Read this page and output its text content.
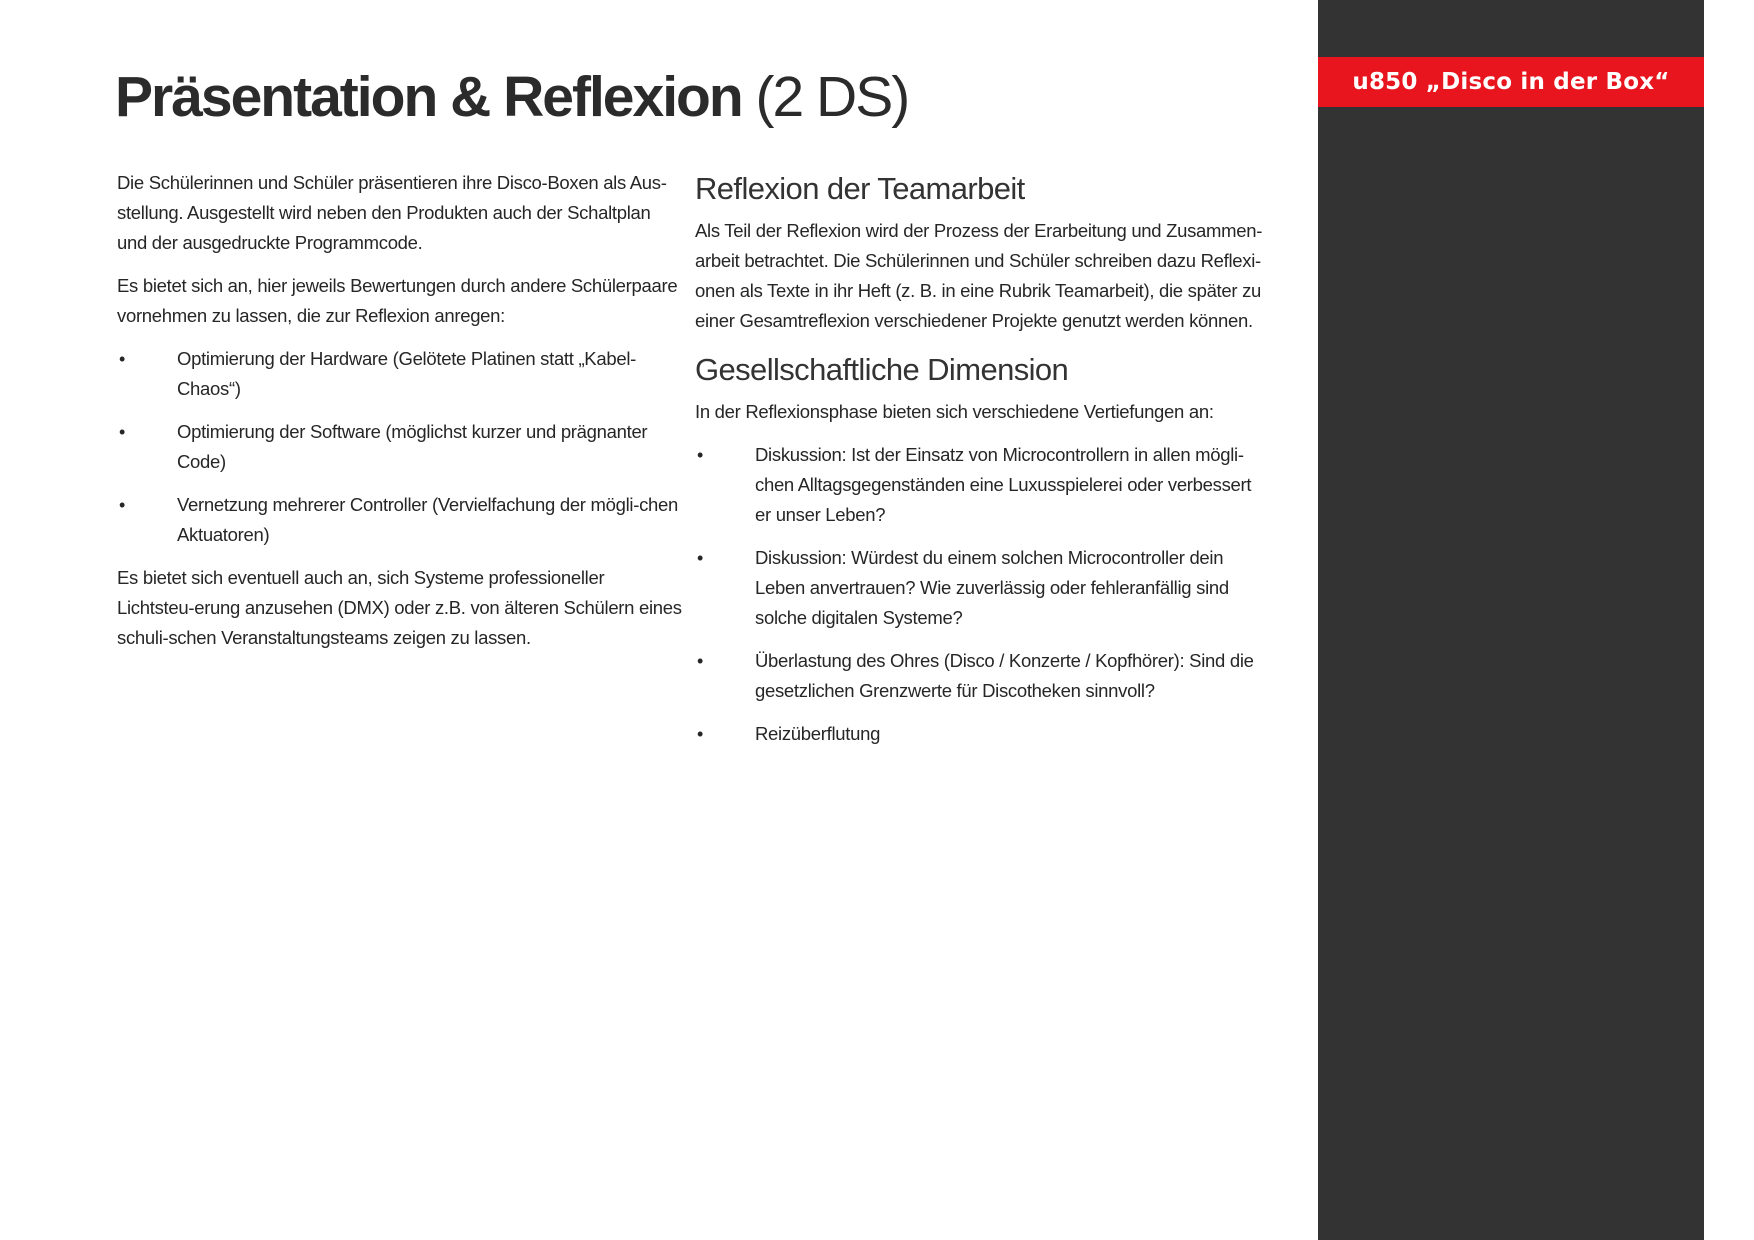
u850 „Disco in der Box“
Präsentation & Reflexion (2 DS)

Die Schülerinnen und Schüler präsentieren ihre Disco-Boxen als Aus-stellung. Ausgestellt wird neben den Produkten auch der Schaltplan und der ausgedruckte Programmcode.

Es bietet sich an, hier jeweils Bewertungen durch andere Schülerpaare vornehmen zu lassen, die zur Reflexion anregen:

•	Optimierung der Hardware (Gelötete Platinen statt „Kabel-Chaos“)
•	Optimierung der Software (möglichst kurzer und prägnanter Code)
•	Vernetzung mehrerer Controller (Vervielfachung der mögli-chen Aktuatoren)

Es bietet sich eventuell auch an, sich Systeme professioneller Lichtsteu-erung anzusehen (DMX) oder z.B. von älteren Schülern eines schuli-schen Veranstaltungsteams zeigen zu lassen.

Reflexion der Teamarbeit

Als Teil der Reflexion wird der Prozess der Erarbeitung und Zusammen-arbeit betrachtet. Die Schülerinnen und Schüler schreiben dazu Reflexi-onen als Texte in ihr Heft (z. B. in eine Rubrik Teamarbeit), die später zu einer Gesamtreflexion verschiedener Projekte genutzt werden können.

Gesellschaftliche Dimension

In der Reflexionsphase bieten sich verschiedene Vertiefungen an:

•	Diskussion: Ist der Einsatz von Microcontrollern in allen mögli-chen Alltagsgegenständen eine Luxusspielerei oder verbessert er unser Leben?
•	Diskussion: Würdest du einem solchen Microcontroller dein Leben anvertrauen? Wie zuverlässig oder fehleranfällig sind solche digitalen Systeme?
•	Überlastung des Ohres (Disco / Konzerte / Kopfhörer): Sind die gesetzlichen Grenzwerte für Discotheken sinnvoll?
•	Reizüberflutung
